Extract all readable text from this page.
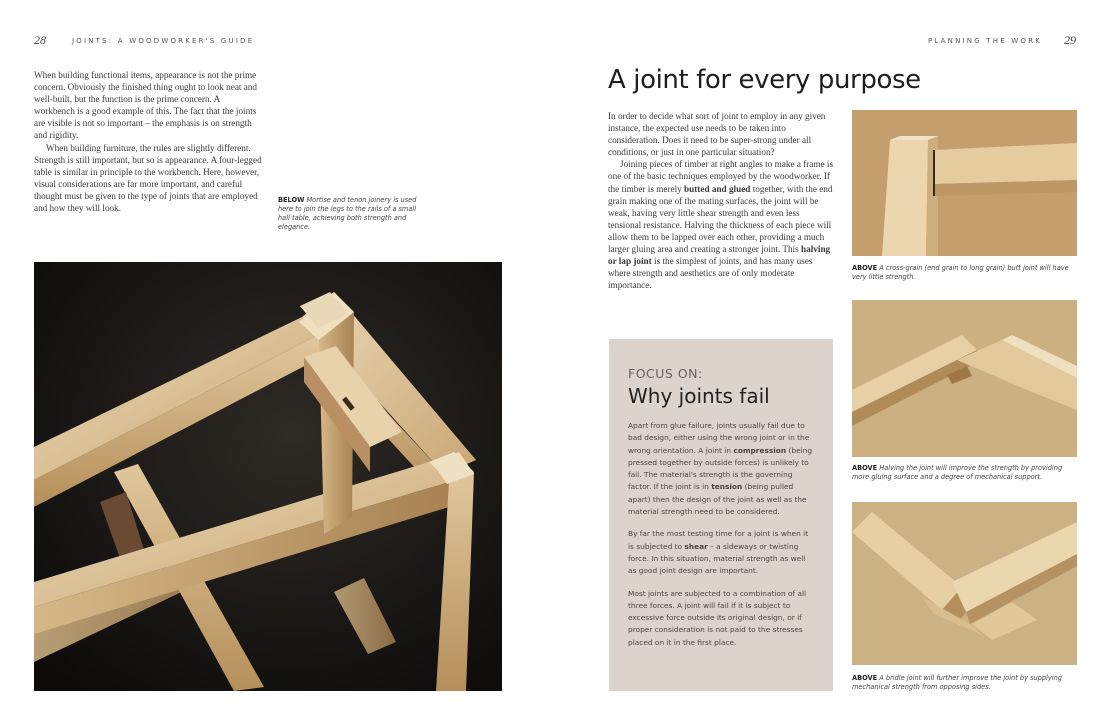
28	JOINTS: A WOODWORKER'S GUIDE

When building functional items, appearance is not the prime concern. Obviously the finished thing ought to look neat and well-built, but the function is the prime concern. A workbench is a good example of this. The fact that the joints are visible is not so important – the emphasis is on strength and rigidity.

When building furniture, the rules are slightly different. Strength is still important, but so is appearance. A four-legged table is similar in principle to the workbench. Here, however, visual considerations are far more important, and careful thought must be given to the type of joints that are employed and how they will look.

BELOW Mortise and tenon joinery is used here to join the legs to the rails of a small hall table, achieving both strength and elegance.
PLANNING THE WORK 29
A joint for every purpose

In order to decide what sort of joint to employ in any given instance, the expected use needs to be taken into consideration. Does it need to be super-strong under all conditions, or just in one particular situation?

Joining pieces of timber at right angles to make a frame is one of the basic techniques employed by the woodworker. If the timber is merely butted and glued together, with the end grain making one of the mating surfaces, the joint will be weak, having very little shear strength and even less tensional resistance. Halving the thickness of each piece will allow them to be lapped over each other, providing a much larger gluing area and creating a stronger joint. This halving or lap joint is the simplest of joints, and has many uses where strength and aesthetics are of only moderate importance.

FOCUS ON:
Why joints fail

Apart from glue failure, joints usually fail due to bad design, either using the wrong joint or in the wrong orientation. A joint in compression (being pressed together by outside forces) is unlikely to fail. The material's strength is the governing factor. If the joint is in tension (being pulled apart) then the design of the joint as well as the material strength need to be considered.

By far the most testing time for a joint is when it is subjected to shear – a sideways or twisting force. In this situation, material strength as well as good joint design are important.

Most joints are subjected to a combination of all three forces. A joint will fail if it is subject to excessive force outside its original design, or if proper consideration is not paid to the stresses placed on it in the first place.

ABOVE A cross-grain (end grain to long grain) butt joint will have very little strength.
ABOVE Halving the joint will improve the strength by providing more gluing surface and a degree of mechanical support.
ABOVE A bridle joint will further improve the joint by supplying mechanical strength from opposing sides.
